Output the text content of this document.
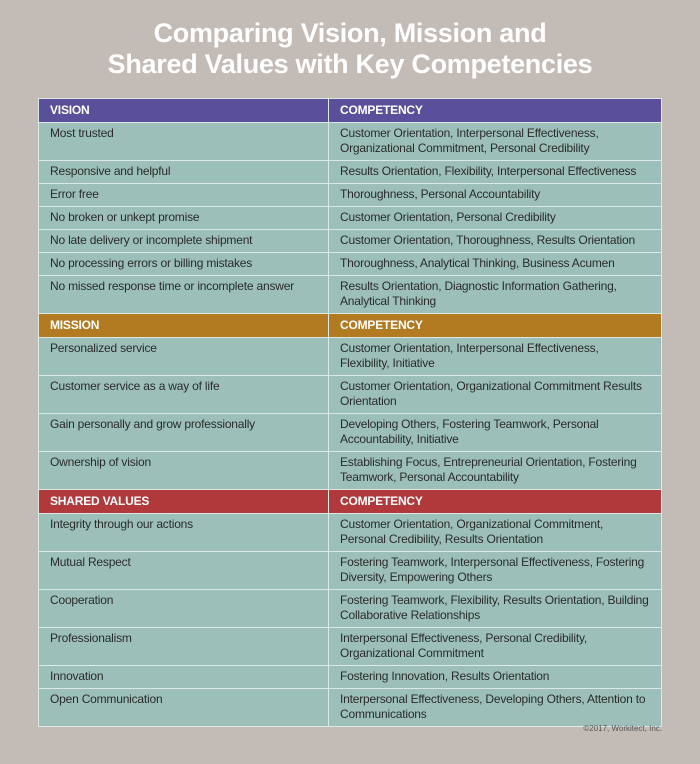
Comparing Vision, Mission and
Shared Values with Key Competencies
VISION	COMPETENCY
Most trusted	Customer Orientation, Interpersonal Effectiveness, Organizational Commitment, Personal Credibility
Responsive and helpful	Results Orientation, Flexibility, Interpersonal Effectiveness
Error free	Thoroughness, Personal Accountability
No broken or unkept promise	Customer Orientation, Personal Credibility
No late delivery or incomplete shipment	Customer Orientation, Thoroughness, Results Orientation
No processing errors or billing mistakes	Thoroughness, Analytical Thinking, Business Acumen
No missed response time or incomplete answer	Results Orientation, Diagnostic Information Gathering, Analytical Thinking
MISSION	COMPETENCY
Personalized service	Customer Orientation, Interpersonal Effectiveness, Flexibility, Initiative
Customer service as a way of life	Customer Orientation, Organizational Commitment Results Orientation
Gain personally and grow professionally	Developing Others, Fostering Teamwork, Personal Accountability, Initiative
Ownership of vision	Establishing Focus, Entrepreneurial Orientation, Fostering Teamwork, Personal Accountability
SHARED VALUES	COMPETENCY
Integrity through our actions	Customer Orientation, Organizational Commitment, Personal Credibility, Results Orientation
Mutual Respect	Fostering Teamwork, Interpersonal Effectiveness, Fostering Diversity, Empowering Others
Cooperation	Fostering Teamwork, Flexibility, Results Orientation, Building Collaborative Relationships
Professionalism	Interpersonal Effectiveness, Personal Credibility, Organizational Commitment
Innovation	Fostering Innovation, Results Orientation
Open Communication	Interpersonal Effectiveness, Developing Others, Attention to Communications
©2017, Workitect, Inc.
